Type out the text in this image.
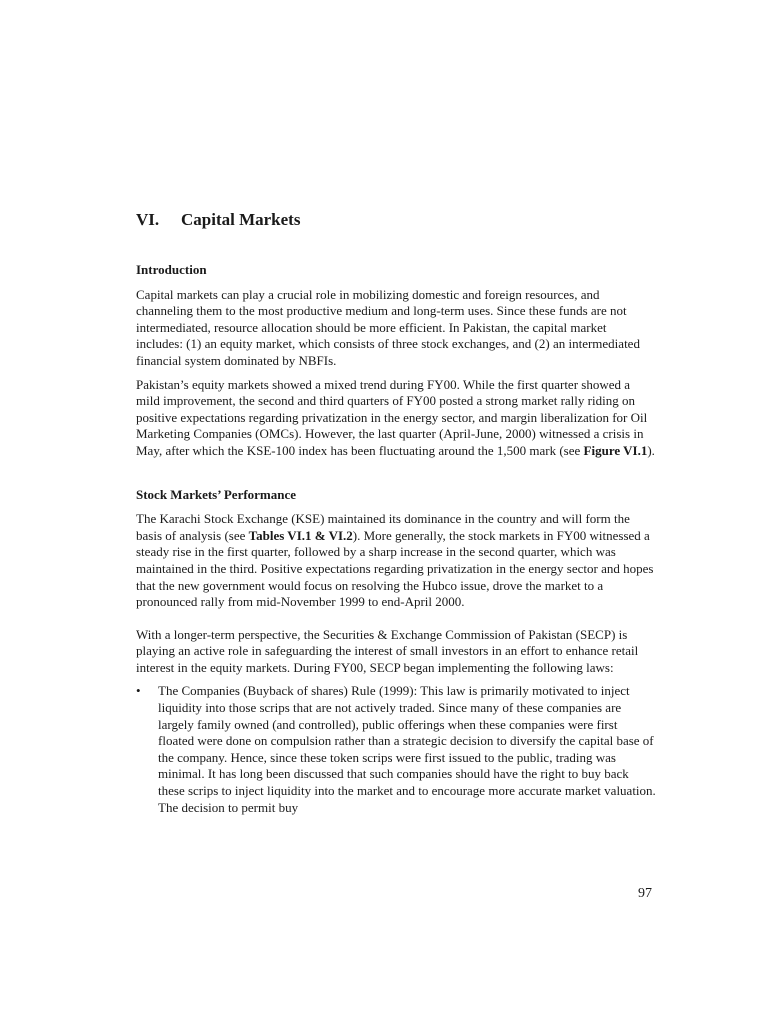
VI. Capital Markets
Introduction

Capital markets can play a crucial role in mobilizing domestic and foreign resources, and channeling them to the most productive medium and long-term uses. Since these funds are not intermediated, resource allocation should be more efficient. In Pakistan, the capital market includes: (1) an equity market, which consists of three stock exchanges, and (2) an intermediated financial system dominated by NBFIs.

Pakistan’s equity markets showed a mixed trend during FY00. While the first quarter showed a mild improvement, the second and third quarters of FY00 posted a strong market rally riding on positive expectations regarding privatization in the energy sector, and margin liberalization for Oil Marketing Companies (OMCs). However, the last quarter (April-June, 2000) witnessed a crisis in May, after which the KSE-100 index has been fluctuating around the 1,500 mark (see Figure VI.1).

Stock Markets’ Performance

The Karachi Stock Exchange (KSE) maintained its dominance in the country and will form the basis of analysis (see Tables VI.1 & VI.2). More generally, the stock markets in FY00 witnessed a steady rise in the first quarter, followed by a sharp increase in the second quarter, which was maintained in the third. Positive expectations regarding privatization in the energy sector and hopes that the new government would focus on resolving the Hubco issue, drove the market to a pronounced rally from mid-November 1999 to end-April 2000.

With a longer-term perspective, the Securities & Exchange Commission of Pakistan (SECP) is playing an active role in safeguarding the interest of small investors in an effort to enhance retail interest in the equity markets. During FY00, SECP began implementing the following laws:

• The Companies (Buyback of shares) Rule (1999): This law is primarily motivated to inject liquidity into those scrips that are not actively traded. Since many of these companies are largely family owned (and controlled), public offerings when these companies were first floated were done on compulsion rather than a strategic decision to diversify the capital base of the company. Hence, since these token scrips were first issued to the public, trading was minimal. It has long been discussed that such companies should have the right to buy back these scrips to inject liquidity into the market and to encourage more accurate market valuation. The decision to permit buy
97
